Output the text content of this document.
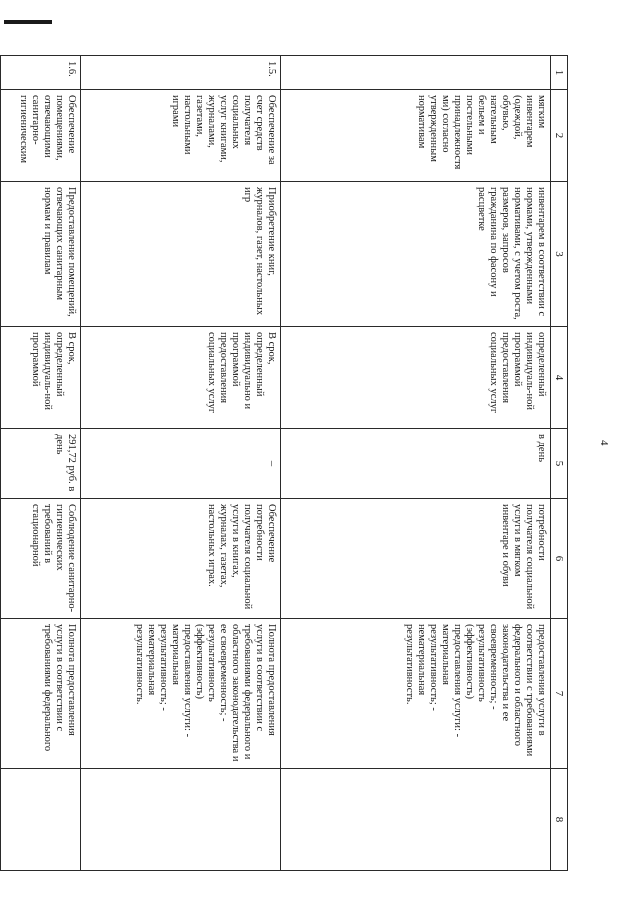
4
1	2	3	4	5	6	7	8
	мягким инвентарем (одеждой, обувью, нательным бельем и постельными принадлежностя ми) согласно утвержденным нормативам	инвентарем в соответствии с нормами, утвержденными нормативами, с учетом роста, размеров, запросов гражданина по фасону и расцветке	определенный индивидуаль-ной программой предоставления социальных услуг	в день	потребности получателя социальной услуги в мягком инвентаре и обуви	предоставления услуги в соответствии с требованиями федерального и областного законодательства и ее своевременность; - результативность (эффективность) предоставления услуги: - материальная результативность; - нематериальная результативность.	
1.5.	Обеспечение за счет средств получателя социальных услуг книгами, журналами, газетами, настольными играми	Приобретение книг, журналов, газет, настольных игр	В срок, определенный индивидуально и программой предоставления социальных услуг	–	Обеспечение потребности получателя социальной услуги в книгах, журналах, газетах, настольных играх.	Полнота предоставления услуги в соответствии с требованиями федерального и областного законодательства и ее своевременность; - результативность (эффективность) предоставления услуги: - материальная результативность; - нематериальная результативность.	
1.6.	Обеспечение помещениями, отвечающими санитарно-гигиеническим	Предоставление помещений, отвечающих санитарным нормам и правилам	В срок, определенный индивидуаль-ной программой	291,72 руб. в день	Соблюдение санитарно-гигиенических требований в стационарной	Полнота предоставления услуги в соответствии с требованиями федерального	
